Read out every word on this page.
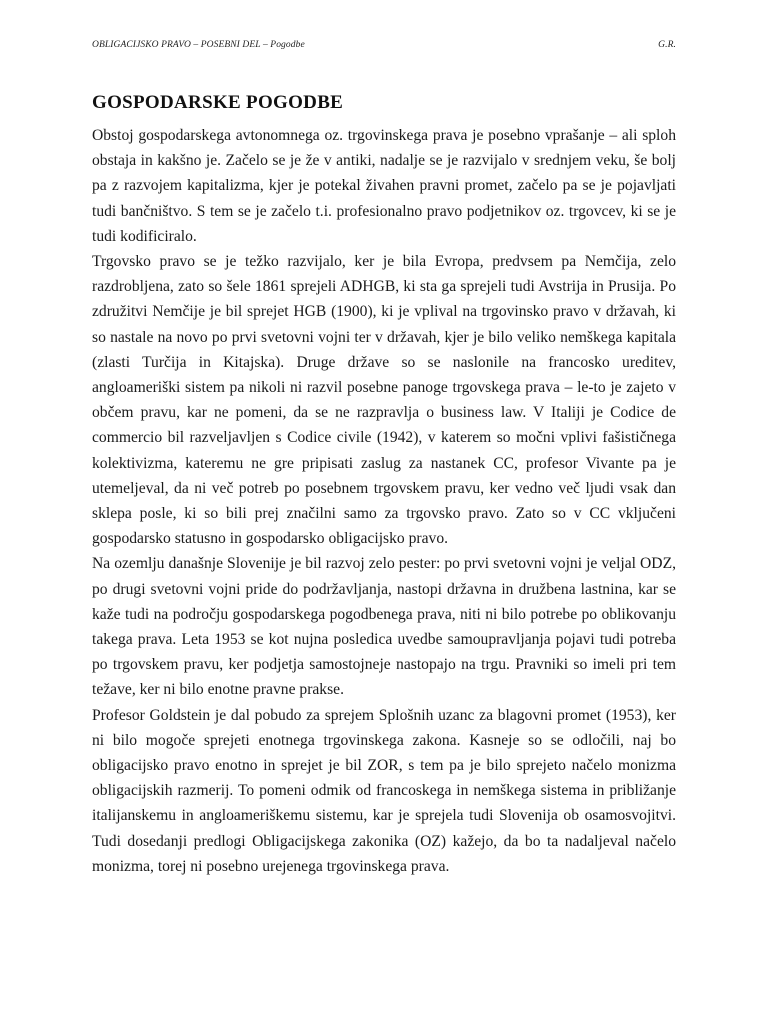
OBLIGACIJSKO PRAVO – POSEBNI DEL – Pogodbe	G.R.
GOSPODARSKE POGODBE

Obstoj gospodarskega avtonomnega oz. trgovinskega prava je posebno vprašanje – ali sploh obstaja in kakšno je. Začelo se je že v antiki, nadalje se je razvijalo v srednjem veku, še bolj pa z razvojem kapitalizma, kjer je potekal živahen pravni promet, začelo pa se je pojavljati tudi bančništvo. S tem se je začelo t.i. profesionalno pravo podjetnikov oz. trgovcev, ki se je tudi kodificiralo.

Trgovsko pravo se je težko razvijalo, ker je bila Evropa, predvsem pa Nemčija, zelo razdrobljena, zato so šele 1861 sprejeli ADHGB, ki sta ga sprejeli tudi Avstrija in Prusija. Po združitvi Nemčije je bil sprejet HGB (1900), ki je vplival na trgovinsko pravo v državah, ki so nastale na novo po prvi svetovni vojni ter v državah, kjer je bilo veliko nemškega kapitala (zlasti Turčija in Kitajska). Druge države so se naslonile na francosko ureditev, angloameriški sistem pa nikoli ni razvil posebne panoge trgovskega prava – le-to je zajeto v občem pravu, kar ne pomeni, da se ne razpravlja o business law. V Italiji je Codice de commercio bil razveljavljen s Codice civile (1942), v katerem so močni vplivi fašističnega kolektivizma, kateremu ne gre pripisati zaslug za nastanek CC, profesor Vivante pa je utemeljeval, da ni več potreb po posebnem trgovskem pravu, ker vedno več ljudi vsak dan sklepa posle, ki so bili prej značilni samo za trgovsko pravo. Zato so v CC vključeni gospodarsko statusno in gospodarsko obligacijsko pravo.

Na ozemlju današnje Slovenije je bil razvoj zelo pester: po prvi svetovni vojni je veljal ODZ, po drugi svetovni vojni pride do podržavljanja, nastopi državna in družbena lastnina, kar se kaže tudi na področju gospodarskega pogodbenega prava, niti ni bilo potrebe po oblikovanju takega prava. Leta 1953 se kot nujna posledica uvedbe samoupravljanja pojavi tudi potreba po trgovskem pravu, ker podjetja samostojneje nastopajo na trgu. Pravniki so imeli pri tem težave, ker ni bilo enotne pravne prakse.

Profesor Goldstein je dal pobudo za sprejem Splošnih uzanc za blagovni promet (1953), ker ni bilo mogoče sprejeti enotnega trgovinskega zakona. Kasneje so se odločili, naj bo obligacijsko pravo enotno in sprejet je bil ZOR, s tem pa je bilo sprejeto načelo monizma obligacijskih razmerij. To pomeni odmik od francoskega in nemškega sistema in približanje italijanskemu in angloameriškemu sistemu, kar je sprejela tudi Slovenija ob osamosvojitvi. Tudi dosedanji predlogi Obligacijskega zakonika (OZ) kažejo, da bo ta nadaljeval načelo monizma, torej ni posebno urejenega trgovinskega prava.
